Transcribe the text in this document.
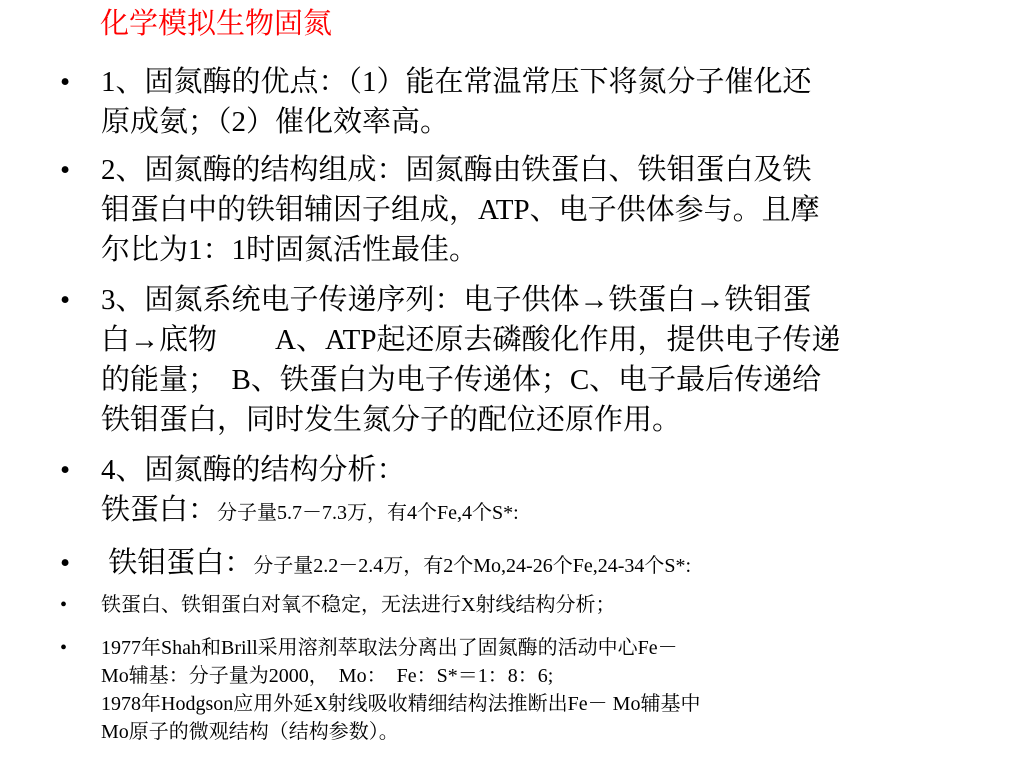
化学模拟生物固氮
• 1、固氮酶的优点：（1）能在常温常压下将氮分子催化还
原成氨；（2）催化效率高。
• 2、固氮酶的结构组成：固氮酶由铁蛋白、铁钼蛋白及铁
钼蛋白中的铁钼辅因子组成，ATP、电子供体参与。且摩
尔比为1：1时固氮活性最佳。
• 3、固氮系统电子传递序列：电子供体→铁蛋白→铁钼蛋
白→底物　　A、ATP起还原去磷酸化作用，提供电子传递
的能量；　B、铁蛋白为电子传递体；C、电子最后传递给
铁钼蛋白，同时发生氮分子的配位还原作用。
• 4、固氮酶的结构分析：
铁蛋白：分子量5.7－7.3万，有4个Fe,4个S*:
• 铁钼蛋白：分子量2.2－2.4万，有2个Mo,24-26个Fe,24-34个S*:
• 铁蛋白、铁钼蛋白对氧不稳定，无法进行X射线结构分析；
• 1977年Shah和Brill采用溶剂萃取法分离出了固氮酶的活动中心Fe－
Mo辅基：分子量为2000，  Mo：  Fe：S*＝1：8：6;
1978年Hodgson应用外延X射线吸收精细结构法推断出Fe－ Mo辅基中
Mo原子的微观结构（结构参数）。
